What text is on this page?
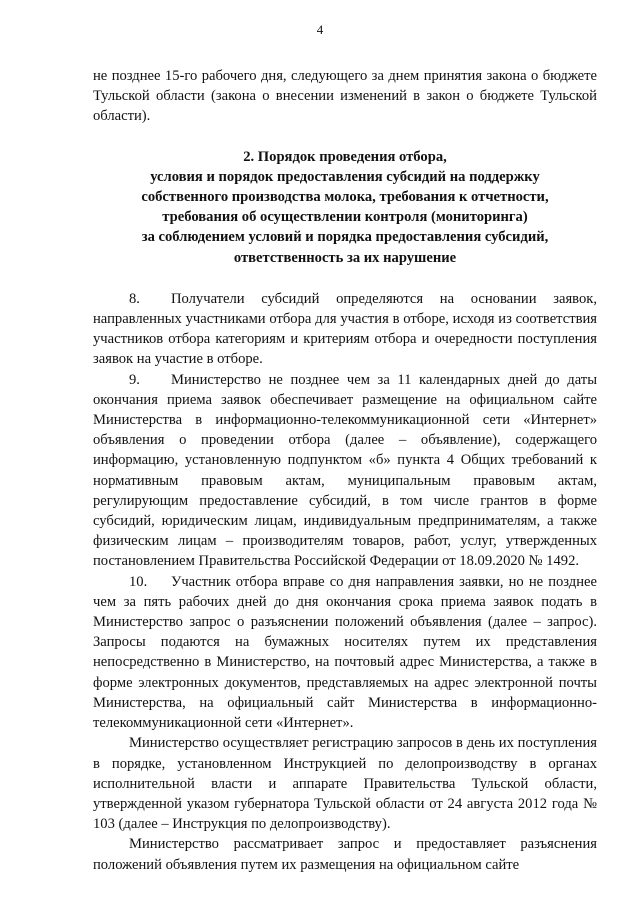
4

не позднее 15-го рабочего дня, следующего за днем принятия закона о бюджете Тульской области (закона о внесении изменений в закон о бюджете Тульской области).

2. Порядок проведения отбора,
условия и порядок предоставления субсидий на поддержку
собственного производства молока, требования к отчетности,
требования об осуществлении контроля (мониторинга)
за соблюдением условий и порядка предоставления субсидий,
ответственность за их нарушение

8. Получатели субсидий определяются на основании заявок, направленных участниками отбора для участия в отборе, исходя из соответствия участников отбора категориям и критериям отбора и очередности поступления заявок на участие в отборе.

9. Министерство не позднее чем за 11 календарных дней до даты окончания приема заявок обеспечивает размещение на официальном сайте Министерства в информационно-телекоммуникационной сети «Интернет» объявления о проведении отбора (далее – объявление), содержащего информацию, установленную подпунктом «б» пункта 4 Общих требований к нормативным правовым актам, муниципальным правовым актам, регулирующим предоставление субсидий, в том числе грантов в форме субсидий, юридическим лицам, индивидуальным предпринимателям, а также физическим лицам – производителям товаров, работ, услуг, утвержденных постановлением Правительства Российской Федерации от 18.09.2020 № 1492.

10. Участник отбора вправе со дня направления заявки, но не позднее чем за пять рабочих дней до дня окончания срока приема заявок подать в Министерство запрос о разъяснении положений объявления (далее – запрос). Запросы подаются на бумажных носителях путем их представления непосредственно в Министерство, на почтовый адрес Министерства, а также в форме электронных документов, представляемых на адрес электронной почты Министерства, на официальный сайт Министерства в информационно-телекоммуникационной сети «Интернет».

Министерство осуществляет регистрацию запросов в день их поступления в порядке, установленном Инструкцией по делопроизводству в органах исполнительной власти и аппарате Правительства Тульской области, утвержденной указом губернатора Тульской области от 24 августа 2012 года № 103 (далее – Инструкция по делопроизводству).

Министерство рассматривает запрос и предоставляет разъяснения положений объявления путем их размещения на официальном сайте
